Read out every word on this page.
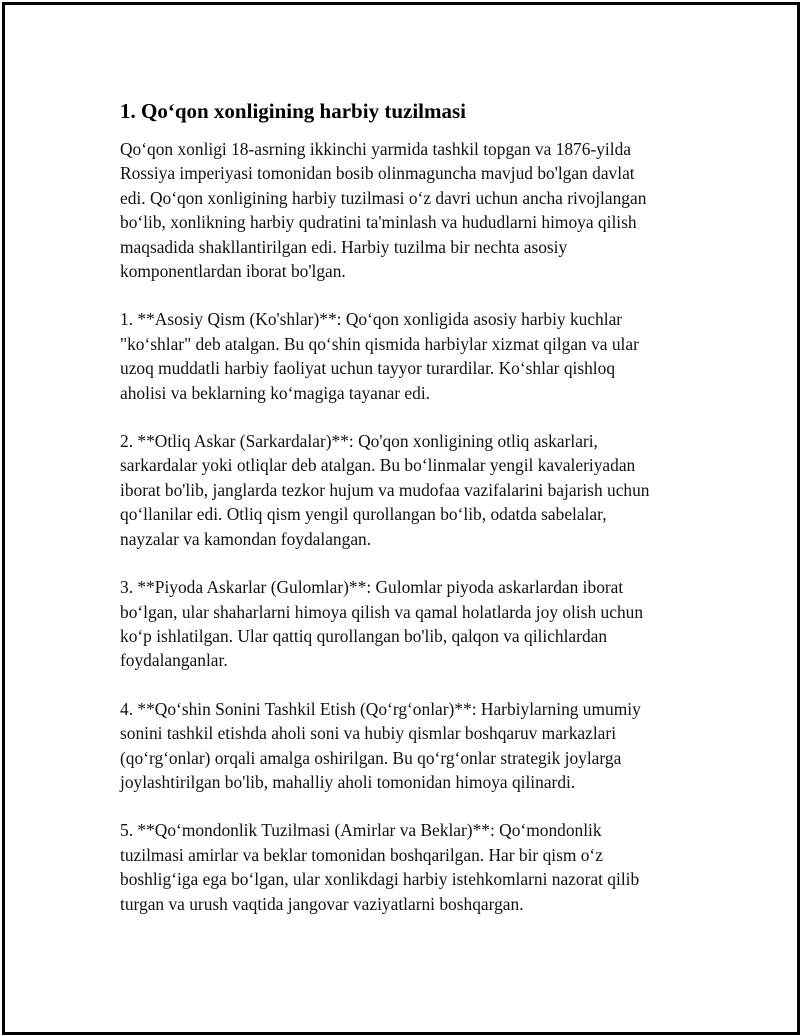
1. Qo‘qon xonligining harbiy tuzilmasi

Qo‘qon xonligi 18-asrning ikkinchi yarmida tashkil topgan va 1876-yilda
Rossiya imperiyasi tomonidan bosib olinmaguncha mavjud bo'lgan davlat
edi. Qo‘qon xonligining harbiy tuzilmasi o‘z davri uchun ancha rivojlangan
bo‘lib, xonlikning harbiy qudratini ta'minlash va hududlarni himoya qilish
maqsadida shakllantirilgan edi. Harbiy tuzilma bir nechta asosiy
komponentlardan iborat bo'lgan.

1. **Asosiy Qism (Ko'shlar)**: Qo‘qon xonligida asosiy harbiy kuchlar
"ko‘shlar" deb atalgan. Bu qo‘shin qismida harbiylar xizmat qilgan va ular
uzoq muddatli harbiy faoliyat uchun tayyor turardilar. Ko‘shlar qishloq
aholisi va beklarning ko‘magiga tayanar edi.

2. **Otliq Askar (Sarkardalar)**: Qo'qon xonligining otliq askarlari,
sarkardalar yoki otliqlar deb atalgan. Bu bo‘linmalar yengil kavaleriyadan
iborat bo'lib, janglarda tezkor hujum va mudofaa vazifalarini bajarish uchun
qo‘llanilar edi. Otliq qism yengil qurollangan bo‘lib, odatda sabelalar,
nayzalar va kamondan foydalangan.

3. **Piyoda Askarlar (Gulomlar)**: Gulomlar piyoda askarlardan iborat
bo‘lgan, ular shaharlarni himoya qilish va qamal holatlarda joy olish uchun
ko‘p ishlatilgan. Ular qattiq qurollangan bo'lib, qalqon va qilichlardan
foydalanganlar.

4. **Qo‘shin Sonini Tashkil Etish (Qo‘rg‘onlar)**: Harbiylarning umumiy
sonini tashkil etishda aholi soni va hubiy qismlar boshqaruv markazlari
(qo‘rg‘onlar) orqali amalga oshirilgan. Bu qo‘rg‘onlar strategik joylarga
joylashtirilgan bo'lib, mahalliy aholi tomonidan himoya qilinardi.

5. **Qo‘mondonlik Tuzilmasi (Amirlar va Beklar)**: Qo‘mondonlik
tuzilmasi amirlar va beklar tomonidan boshqarilgan. Har bir qism o‘z
boshlig‘iga ega bo‘lgan, ular xonlikdagi harbiy istehkomlarni nazorat qilib
turgan va urush vaqtida jangovar vaziyatlarni boshqargan.
